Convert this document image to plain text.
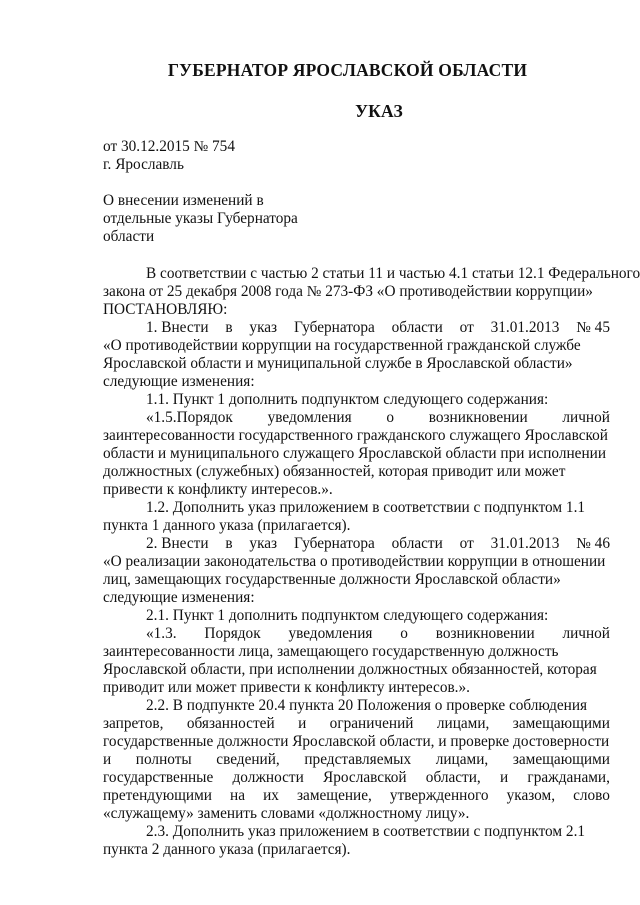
ГУБЕРНАТОР ЯРОСЛАВСКОЙ ОБЛАСТИ
УКАЗ
от 30.12.2015 № 754
г. Ярославль
О внесении изменений в
отдельные указы Губернатора
области
В соответствии с частью 2 статьи 11 и частью 4.1 статьи 12.1 Федерального
закона от 25 декабря 2008 года № 273-ФЗ «О противодействии коррупции»
ПОСТАНОВЛЯЮ:
1. Внести в указ Губернатора области от 31.01.2013 № 45
«О противодействии коррупции на государственной гражданской службе
Ярославской области и муниципальной службе в Ярославской области»
следующие изменения:
1.1. Пункт 1 дополнить подпунктом следующего содержания:
«1.5.Порядок уведомления о возникновении личной
заинтересованности государственного гражданского служащего Ярославской
области и муниципального служащего Ярославской области при исполнении
должностных (служебных) обязанностей, которая приводит или может
привести к конфликту интересов.».
1.2. Дополнить указ приложением в соответствии с подпунктом 1.1
пункта 1 данного указа (прилагается).
2. Внести в указ Губернатора области от 31.01.2013 № 46
«О реализации законодательства о противодействии коррупции в отношении
лиц, замещающих государственные должности Ярославской области»
следующие изменения:
2.1. Пункт 1 дополнить подпунктом следующего содержания:
«1.3. Порядок уведомления о возникновении личной
заинтересованности лица, замещающего государственную должность
Ярославской области, при исполнении должностных обязанностей, которая
приводит или может привести к конфликту интересов.».
2.2. В подпункте 20.4 пункта 20 Положения о проверке соблюдения
запретов, обязанностей и ограничений лицами, замещающими
государственные должности Ярославской области, и проверке достоверности
и полноты сведений, представляемых лицами, замещающими
государственные должности Ярославской области, и гражданами,
претендующими на их замещение, утвержденного указом, слово
«служащему» заменить словами «должностному лицу».
2.3. Дополнить указ приложением в соответствии с подпунктом 2.1
пункта 2 данного указа (прилагается).
